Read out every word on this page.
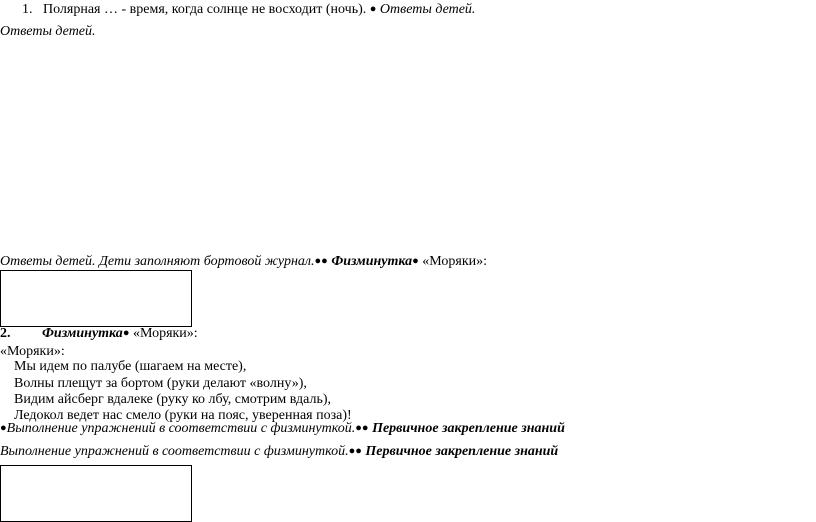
1. Полярная … - время, когда солнце не восходит (ночь). ● Ответы детей.
Ответы детей.
Ответы детей. Дети заполняют бортовой журнал.●● Физминутка● «Моряки»:
2. Физминутка● «Моряки»:
«Моряки»:
Мы идем по палубе (шагаем на месте),
Волны плещут за бортом (руки делают «волну»),
Видим айсберг вдалеке (руку ко лбу, смотрим вдаль),
Ледокол ведет нас смело (руки на пояс, уверенная поза)!
●Выполнение упражнений в соответствии с физминуткой.●● Первичное закрепление знаний
Выполнение упражнений в соответствии с физминуткой.●● Первичное закрепление знаний
